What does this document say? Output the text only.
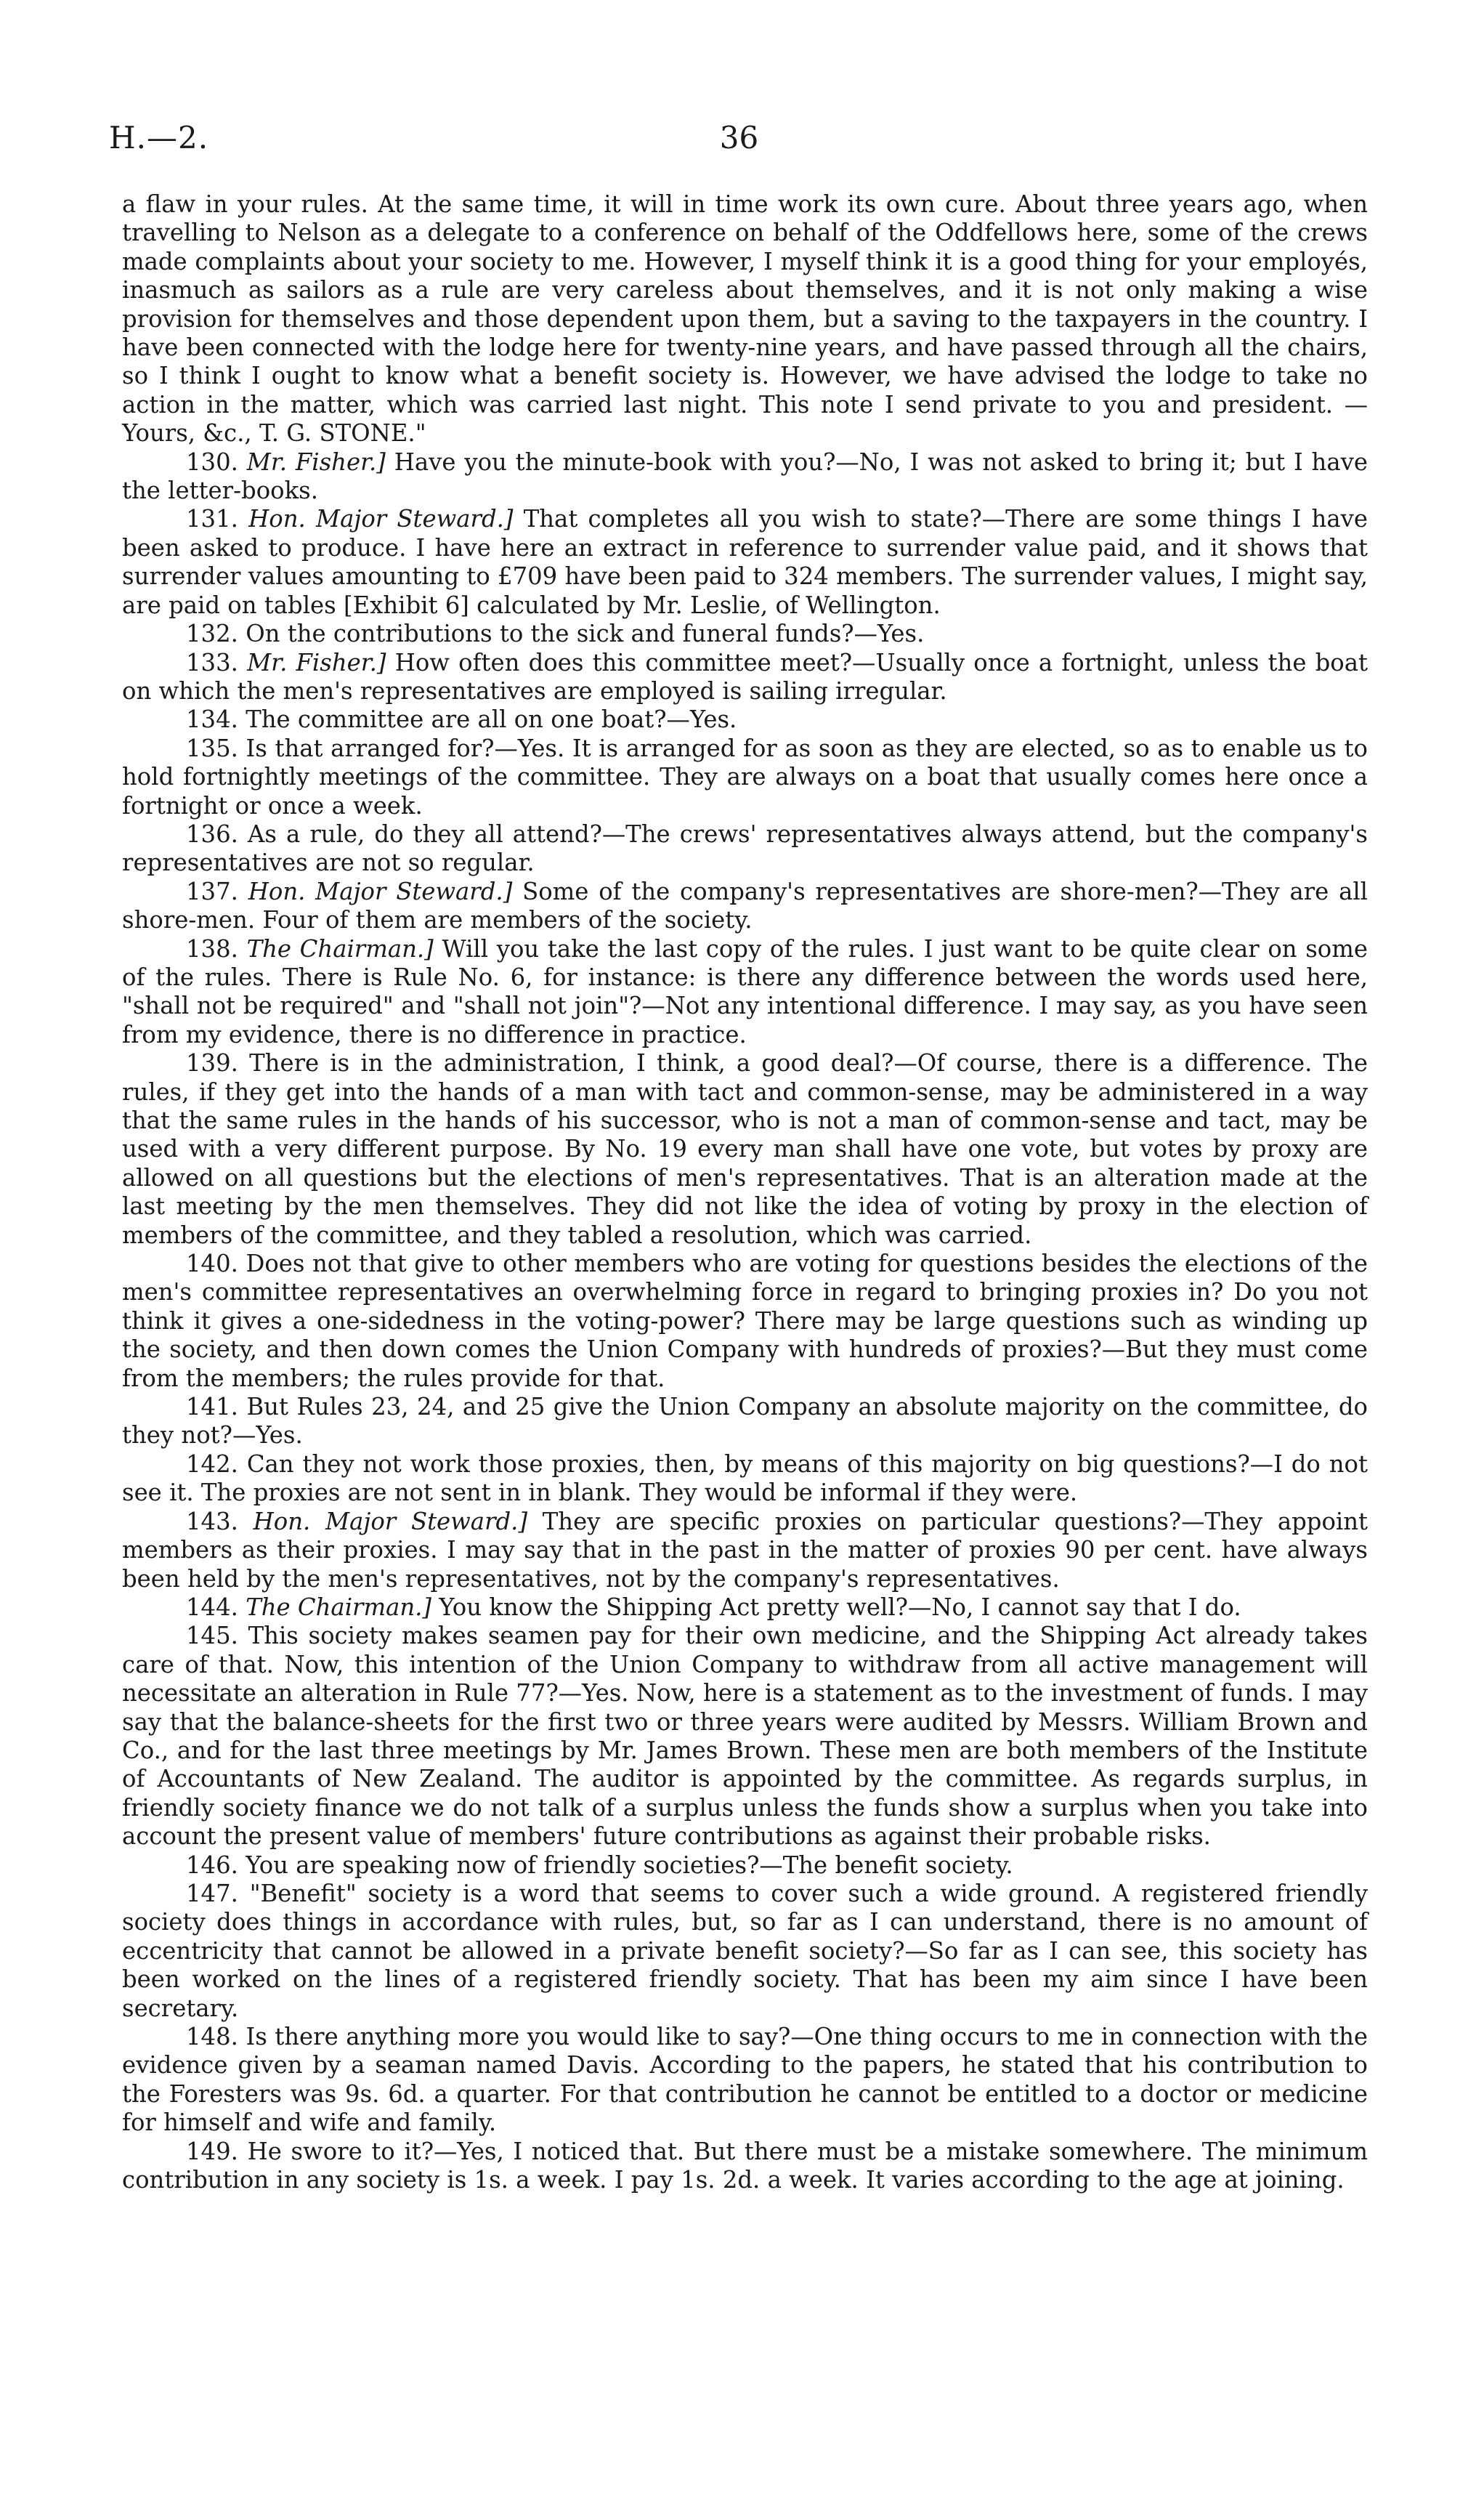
H.—2.	36

a flaw in your rules. At the same time, it will in time work its own cure. About three years ago, when travelling to Nelson as a delegate to a conference on behalf of the Oddfellows here, some of the crews made complaints about your society to me. However, I myself think it is a good thing for your employés, inasmuch as sailors as a rule are very careless about themselves, and it is not only making a wise provision for themselves and those dependent upon them, but a saving to the taxpayers in the country. I have been connected with the lodge here for twenty-nine years, and have passed through all the chairs, so I think I ought to know what a benefit society is. However, we have advised the lodge to take no action in the matter, which was carried last night. This note I send private to you and president. —Yours, &c., T. G. STONE."

130. Mr. Fisher.] Have you the minute-book with you?—No, I was not asked to bring it; but I have the letter-books.

131. Hon. Major Steward.] That completes all you wish to state?—There are some things I have been asked to produce. I have here an extract in reference to surrender value paid, and it shows that surrender values amounting to £709 have been paid to 324 members. The surrender values, I might say, are paid on tables [Exhibit 6] calculated by Mr. Leslie, of Wellington.

132. On the contributions to the sick and funeral funds?—Yes.

133. Mr. Fisher.] How often does this committee meet?—Usually once a fortnight, unless the boat on which the men's representatives are employed is sailing irregular.

134. The committee are all on one boat?—Yes.

135. Is that arranged for?—Yes. It is arranged for as soon as they are elected, so as to enable us to hold fortnightly meetings of the committee. They are always on a boat that usually comes here once a fortnight or once a week.

136. As a rule, do they all attend?—The crews' representatives always attend, but the company's representatives are not so regular.

137. Hon. Major Steward.] Some of the company's representatives are shore-men?—They are all shore-men. Four of them are members of the society.

138. The Chairman.] Will you take the last copy of the rules. I just want to be quite clear on some of the rules. There is Rule No. 6, for instance: is there any difference between the words used here, "shall not be required" and "shall not join"?—Not any intentional difference. I may say, as you have seen from my evidence, there is no difference in practice.

139. There is in the administration, I think, a good deal?—Of course, there is a difference. The rules, if they get into the hands of a man with tact and common-sense, may be administered in a way that the same rules in the hands of his successor, who is not a man of common-sense and tact, may be used with a very different purpose. By No. 19 every man shall have one vote, but votes by proxy are allowed on all questions but the elections of men's representatives. That is an alteration made at the last meeting by the men themselves. They did not like the idea of voting by proxy in the election of members of the committee, and they tabled a resolution, which was carried.

140. Does not that give to other members who are voting for questions besides the elections of the men's committee representatives an overwhelming force in regard to bringing proxies in? Do you not think it gives a one-sidedness in the voting-power? There may be large questions such as winding up the society, and then down comes the Union Company with hundreds of proxies?—But they must come from the members; the rules provide for that.

141. But Rules 23, 24, and 25 give the Union Company an absolute majority on the committee, do they not?—Yes.

142. Can they not work those proxies, then, by means of this majority on big questions?—I do not see it. The proxies are not sent in in blank. They would be informal if they were.

143. Hon. Major Steward.] They are specific proxies on particular questions?—They appoint members as their proxies. I may say that in the past in the matter of proxies 90 per cent. have always been held by the men's representatives, not by the company's representatives.

144. The Chairman.] You know the Shipping Act pretty well?—No, I cannot say that I do.

145. This society makes seamen pay for their own medicine, and the Shipping Act already takes care of that. Now, this intention of the Union Company to withdraw from all active management will necessitate an alteration in Rule 77?—Yes. Now, here is a statement as to the investment of funds. I may say that the balance-sheets for the first two or three years were audited by Messrs. William Brown and Co., and for the last three meetings by Mr. James Brown. These men are both members of the Institute of Accountants of New Zealand. The auditor is appointed by the committee. As regards surplus, in friendly society finance we do not talk of a surplus unless the funds show a surplus when you take into account the present value of members' future contributions as against their probable risks.

146. You are speaking now of friendly societies?—The benefit society.

147. "Benefit" society is a word that seems to cover such a wide ground. A registered friendly society does things in accordance with rules, but, so far as I can understand, there is no amount of eccentricity that cannot be allowed in a private benefit society?—So far as I can see, this society has been worked on the lines of a registered friendly society. That has been my aim since I have been secretary.

148. Is there anything more you would like to say?—One thing occurs to me in connection with the evidence given by a seaman named Davis. According to the papers, he stated that his contribution to the Foresters was 9s. 6d. a quarter. For that contribution he cannot be entitled to a doctor or medicine for himself and wife and family.

149. He swore to it?—Yes, I noticed that. But there must be a mistake somewhere. The minimum contribution in any society is 1s. a week. I pay 1s. 2d. a week. It varies according to the age at joining.
